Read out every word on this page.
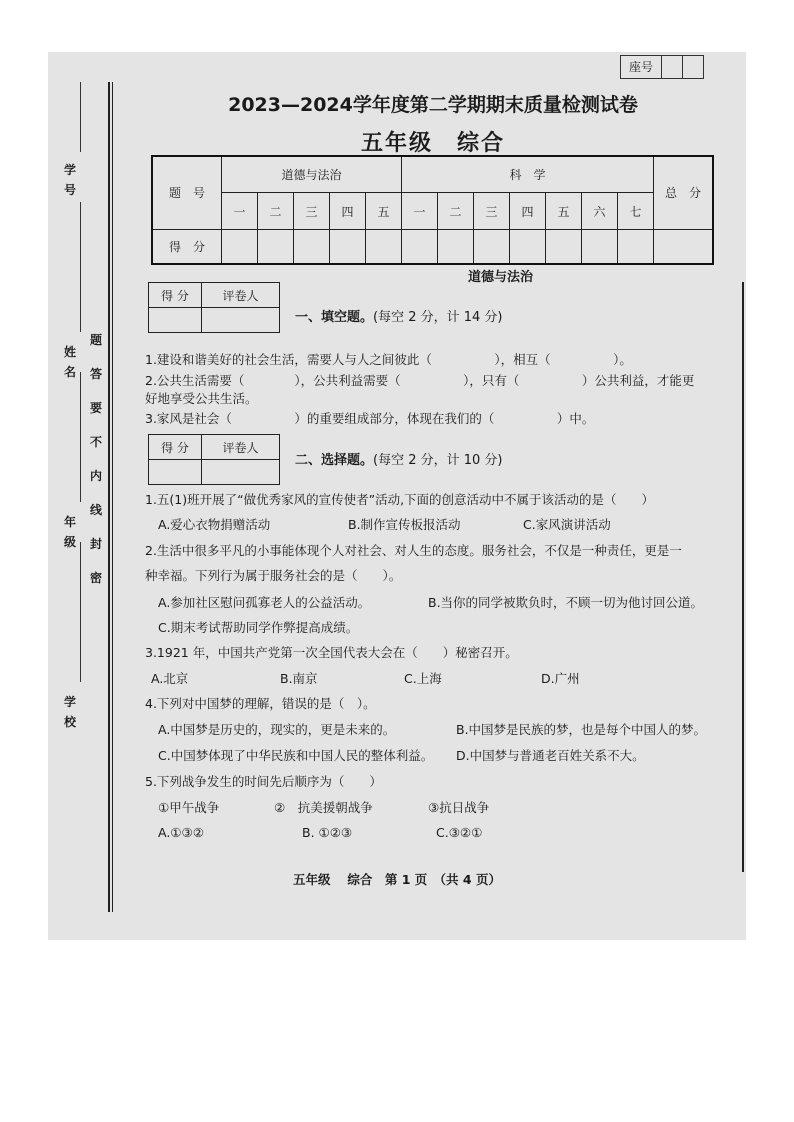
学号
姓名
年级
学校
题
答
要
不
内
线
封
密
座号
2023—2024学年度第二学期期末质量检测试卷
五年级　综合
题　号	道德与法治					科　学							总　分
	一	二	三	四	五	一	二	三	四	五	六	七	
得　分													
道德与法治
得 分	评卷人

一、填空题。(每空 2 分，计 14 分)
1.建设和谐美好的社会生活，需要人与人之间彼此（　　　　　），相互（　　　　　）。
2.公共生活需要（　　　　），公共利益需要（　　　　　），只有（　　　　　）公共利益，才能更
好地享受公共生活。
3.家风是社会（　　　　　）的重要组成部分，体现在我们的（　　　　　）中。
得 分	评卷人

二、选择题。(每空 2 分，计 10 分)
1.五(1)班开展了“做优秀家风的宣传使者”活动,下面的创意活动中不属于该活动的是（　　）
A.爱心衣物捐赠活动	B.制作宣传板报活动	C.家风演讲活动
2.生活中很多平凡的小事能体现个人对社会、对人生的态度。服务社会，不仅是一种责任，更是一
种幸福。下列行为属于服务社会的是（　　）。
A.参加社区慰问孤寡老人的公益活动。	B.当你的同学被欺负时，不顾一切为他讨回公道。
C.期末考试帮助同学作弊提高成绩。
3.1921 年，中国共产党第一次全国代表大会在（　　）秘密召开。
A.北京	B.南京	C.上海	D.广州
4.下列对中国梦的理解，错误的是（　）。
A.中国梦是历史的，现实的，更是未来的。	B.中国梦是民族的梦，也是每个中国人的梦。
C.中国梦体现了中华民族和中国人民的整体利益。 D.中国梦与普通老百姓关系不大。
5.下列战争发生的时间先后顺序为（　　）
①甲午战争	②　抗美援朝战争	③抗日战争
A.①③②	B. ①②③	C.③②①
五年级　 综合　第 1 页　（共 4 页）
